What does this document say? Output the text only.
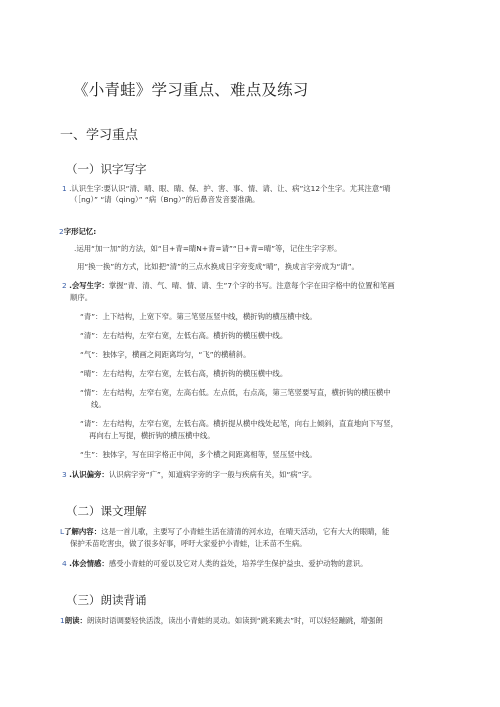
《小青蛙》学习重点、难点及练习
一、学习重点
（一）识字写字
1 .认识生字:要认识“清、晴、眼、睛、保、护、害、事、情、请、让、病”这12个生字。尤其注意“晴
（［ng）” “请（qing）” “病（Bng）”的后鼻音发音要准确。
2字形记忆:
.运用“加一加”的方法，如“目+青=睛N+青=请”“日+青=晴”等，记住生字字形。
用“换一换”的方式，比如把“清”的三点水换成日字旁变成“晴”，换成言字旁成为“请”。
2 .会写生字：掌握“青、清、气、晴、情、请、生”7个字的书写。注意每个字在田字格中的位置和笔画
顺序。
“青”：上下结构，上宽下窄。第三笔竖压竖中线，横折钩的横压横中线。
“清”：左右结构，左窄右宽，左低右高。横折钩的横压横中线。
“气”：独体字，横画之间距离均匀，“飞”的横稍斜。
“晴”：左右结构，左窄右宽，左低右高，横折钩的横压横中线。
“情”：左右结构，左窄右宽，左高右低。左点低，右点高，第三笔竖要写直，横折钩的横压横中
线。
“请”：左右结构，左窄右宽，左低右高。横折提从横中线处起笔，向右上倾斜，直直地向下写竖，
再向右上写提，横折钩的横压横中线。
“生”：独体字，写在田字格正中间，多个横之间距离相等，竖压竖中线。
3 .认识偏旁：认识病字旁“疒”，知道病字旁的字一般与疾病有关，如“病”字。
（二）课文理解
L了解内容：这是一首儿歌，主要写了小青蛙生活在清清的河水边，在晴天活动，它有大大的眼睛，能
保护禾苗吃害虫，做了很多好事，呼吁大家爱护小青蛙，让禾苗不生病。
4 .体会情感：感受小青蛙的可爱以及它对人类的益处，培养学生保护益虫、爱护动物的意识。
（三）朗读背诵
1朗读：朗读时语调要轻快活泼，读出小青蛙的灵动。如读到“跳来跳去”时，可以轻轻蹦跳，增强朗
